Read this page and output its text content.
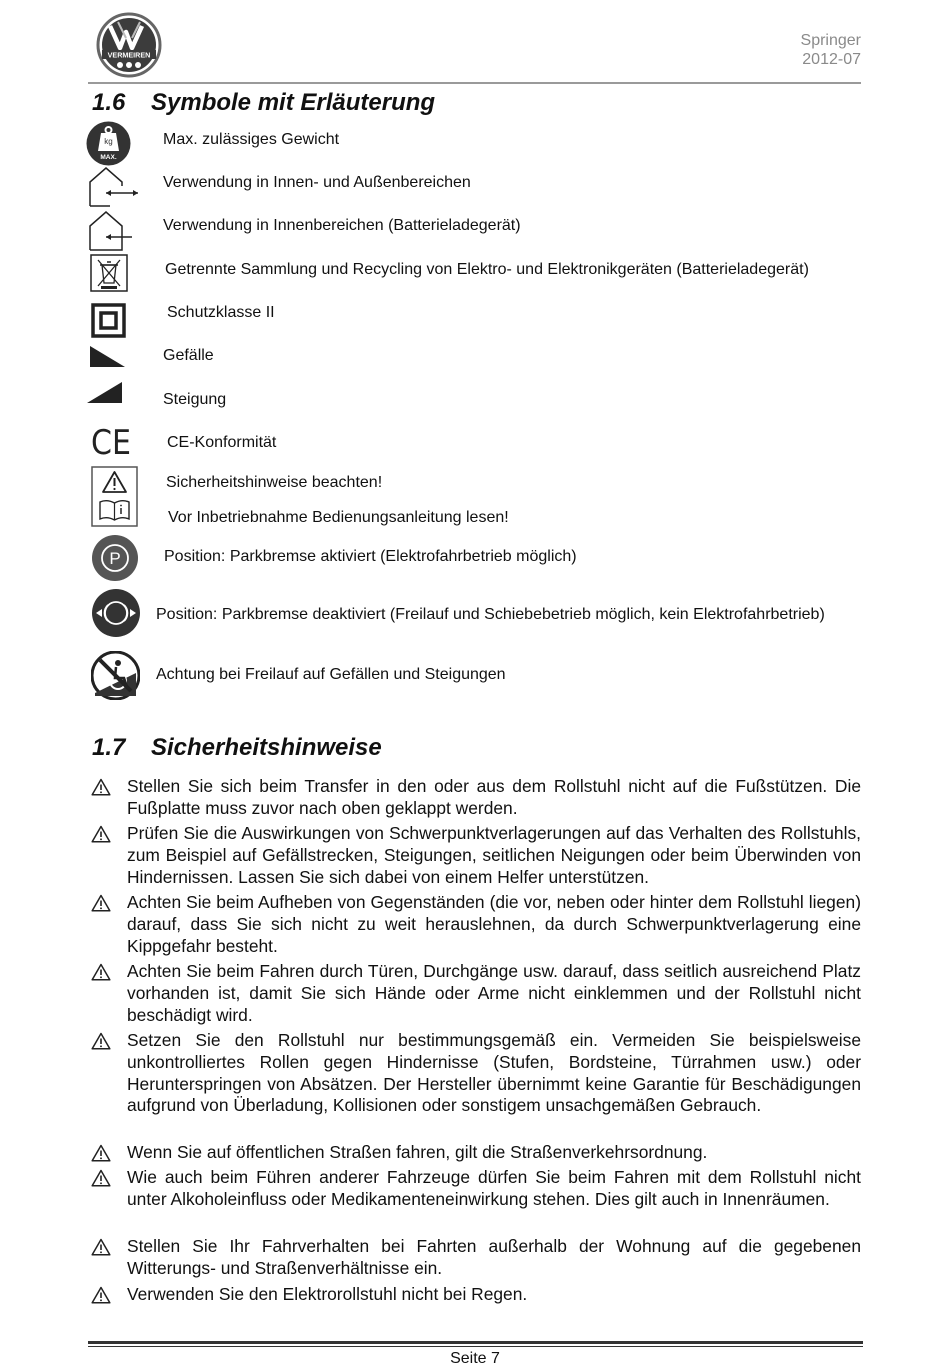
VERMEIREN
Springer
2012-07
1.6 Symbole mit Erläuterung
kg
MAX.
Max. zulässiges Gewicht
Verwendung in Innen- und Außenbereichen
Verwendung in Innenbereichen (Batterieladegerät)
Getrennte Sammlung und Recycling von Elektro- und Elektronikgeräten (Batterieladegerät)
Schutzklasse II
Gefälle
Steigung
CE CE-Konformität
Sicherheitshinweise beachten!
Vor Inbetriebnahme Bedienungsanleitung lesen!
P	Position: Parkbremse aktiviert (Elektrofahrbetrieb möglich)
Position: Parkbremse deaktiviert (Freilauf und Schiebebetrieb möglich, kein Elektrofahrbetrieb)
Achtung bei Freilauf auf Gefällen und Steigungen
1.7 Sicherheitshinweise
Stellen Sie sich beim Transfer in den oder aus dem Rollstuhl nicht auf die Fußstützen. Die Fußplatte muss zuvor nach oben geklappt werden.
Prüfen Sie die Auswirkungen von Schwerpunktverlagerungen auf das Verhalten des Rollstuhls, zum Beispiel auf Gefällstrecken, Steigungen, seitlichen Neigungen oder beim Überwinden von Hindernissen. Lassen Sie sich dabei von einem Helfer unterstützen.
Achten Sie beim Aufheben von Gegenständen (die vor, neben oder hinter dem Rollstuhl liegen) darauf, dass Sie sich nicht zu weit herauslehnen, da durch Schwerpunktverlagerung eine Kippgefahr besteht.
Achten Sie beim Fahren durch Türen, Durchgänge usw. darauf, dass seitlich ausreichend Platz vorhanden ist, damit Sie sich Hände oder Arme nicht einklemmen und der Rollstuhl nicht beschädigt wird.
Setzen Sie den Rollstuhl nur bestimmungsgemäß ein. Vermeiden Sie beispielsweise unkontrolliertes Rollen gegen Hindernisse (Stufen, Bordsteine, Türrahmen usw.) oder Herunterspringen von Absätzen. Der Hersteller übernimmt keine Garantie für Beschädigungen aufgrund von Überladung, Kollisionen oder sonstigem unsachgemäßen Gebrauch.
Wenn Sie auf öffentlichen Straßen fahren, gilt die Straßenverkehrsordnung.
Wie auch beim Führen anderer Fahrzeuge dürfen Sie beim Fahren mit dem Rollstuhl nicht unter Alkoholeinfluss oder Medikamenteneinwirkung stehen. Dies gilt auch in Innenräumen.
Stellen Sie Ihr Fahrverhalten bei Fahrten außerhalb der Wohnung auf die gegebenen Witterungs- und Straßenverhältnisse ein.
Verwenden Sie den Elektrorollstuhl nicht bei Regen.
Seite 7
